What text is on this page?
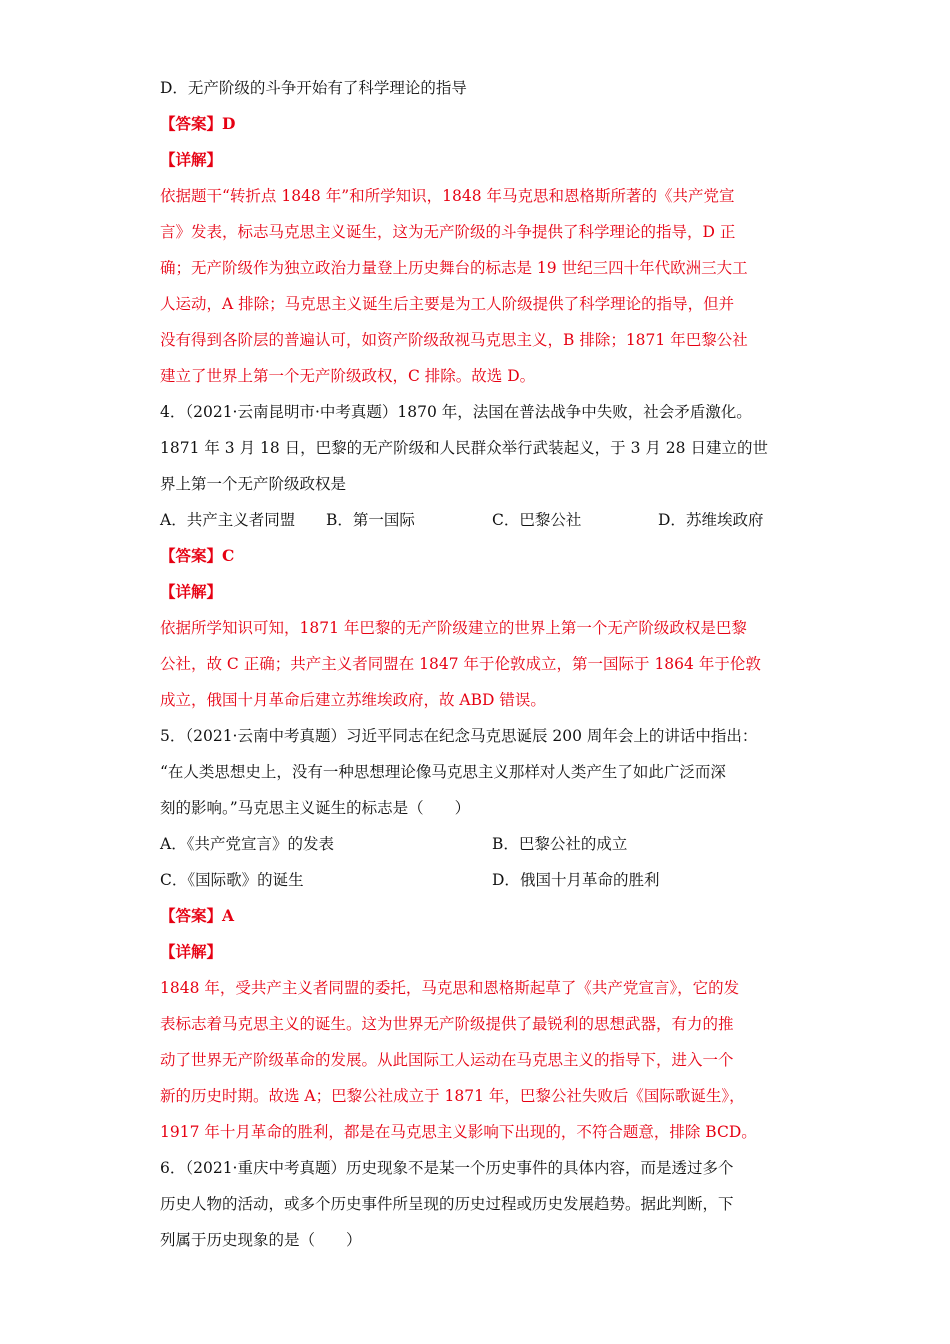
D．无产阶级的斗争开始有了科学理论的指导
【答案】D
【详解】
依据题干“转折点 1848 年”和所学知识，1848 年马克思和恩格斯所著的《共产党宣
言》发表，标志马克思主义诞生，这为无产阶级的斗争提供了科学理论的指导，D 正
确；无产阶级作为独立政治力量登上历史舞台的标志是 19 世纪三四十年代欧洲三大工
人运动，A 排除；马克思主义诞生后主要是为工人阶级提供了科学理论的指导，但并
没有得到各阶层的普遍认可，如资产阶级敌视马克思主义，B 排除；1871 年巴黎公社
建立了世界上第一个无产阶级政权，C 排除。故选 D。
4．（2021·云南昆明市·中考真题）1870 年，法国在普法战争中失败，社会矛盾激化。
1871 年 3 月 18 日，巴黎的无产阶级和人民群众举行武装起义，于 3 月 28 日建立的世
界上第一个无产阶级政权是
A．共产主义者同盟	B．第一国际	C．巴黎公社	D．苏维埃政府
【答案】C
【详解】
依据所学知识可知，1871 年巴黎的无产阶级建立的世界上第一个无产阶级政权是巴黎
公社，故 C 正确；共产主义者同盟在 1847 年于伦敦成立，第一国际于 1864 年于伦敦
成立，俄国十月革命后建立苏维埃政府，故 ABD 错误。
5．（2021·云南中考真题）习近平同志在纪念马克思诞辰 200 周年会上的讲话中指出：
“在人类思想史上，没有一种思想理论像马克思主义那样对人类产生了如此广泛而深
刻的影响。”马克思主义诞生的标志是（　　）
A．《共产党宣言》的发表	B．巴黎公社的成立
C．《国际歌》的诞生	D．俄国十月革命的胜利
【答案】A
【详解】
1848 年，受共产主义者同盟的委托，马克思和恩格斯起草了《共产党宣言》，它的发
表标志着马克思主义的诞生。这为世界无产阶级提供了最锐利的思想武器，有力的推
动了世界无产阶级革命的发展。从此国际工人运动在马克思主义的指导下，进入一个
新的历史时期。故选 A；巴黎公社成立于 1871 年，巴黎公社失败后《国际歌诞生》，
1917 年十月革命的胜利，都是在马克思主义影响下出现的，不符合题意，排除 BCD。
6．（2021·重庆中考真题）历史现象不是某一个历史事件的具体内容，而是透过多个
历史人物的活动，或多个历史事件所呈现的历史过程或历史发展趋势。据此判断，下
列属于历史现象的是（　　）
